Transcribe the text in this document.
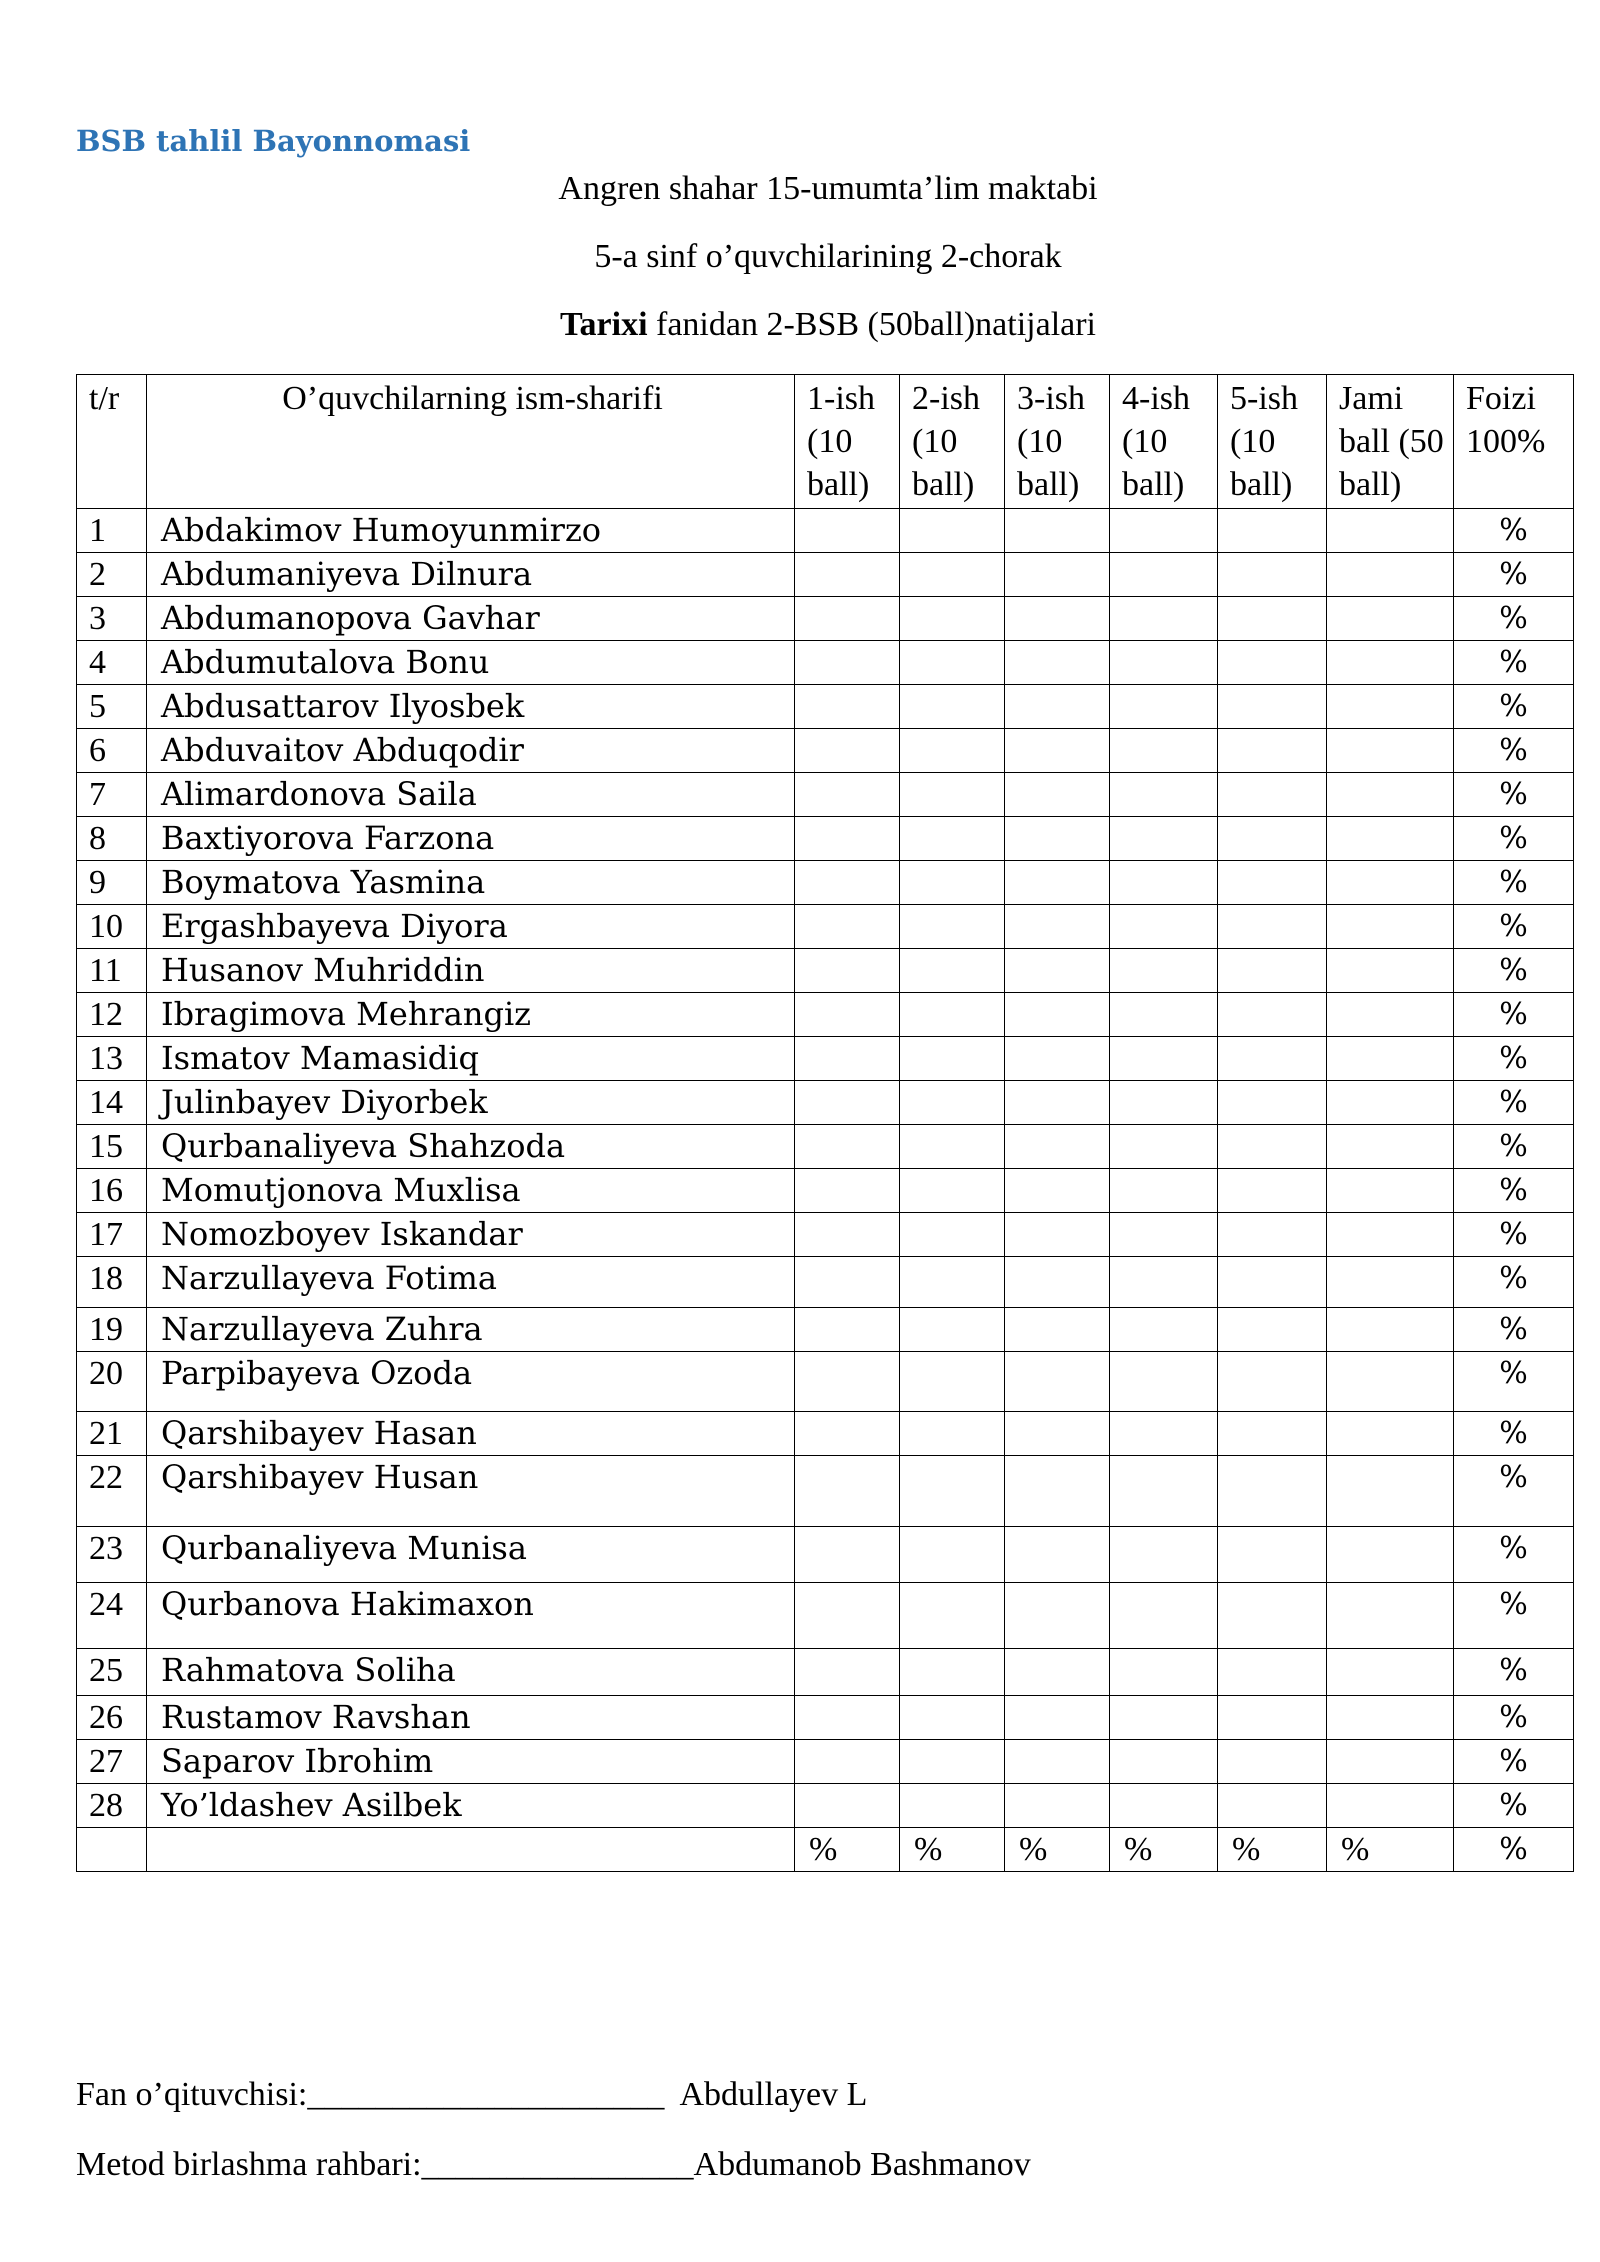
BSB tahlil Bayonnomasi
Angren shahar 15-umumta’lim maktabi
5-a sinf o’quvchilarining 2-chorak
Tarixi fanidan 2-BSB (50ball)natijalari
t/r	O’quvchilarning ism-sharifi	1-ish (10 ball)	2-ish (10 ball)	3-ish (10 ball)	4-ish (10 ball)	5-ish (10 ball)	Jami ball (50 ball)	Foizi 100%
1	Abdakimov Humoyunmirzo							%
2	Abdumaniyeva Dilnura							%
3	Abdumanopova Gavhar							%
4	Abdumutalova Bonu							%
5	Abdusattarov Ilyosbek							%
6	Abduvaitov Abduqodir							%
7	Alimardonova Saila							%
8	Baxtiyorova Farzona							%
9	Boymatova Yasmina							%
10	Ergashbayeva Diyora							%
11	Husanov Muhriddin							%
12	Ibragimova Mehrangiz							%
13	Ismatov Mamasidiq							%
14	Julinbayev Diyorbek							%
15	Qurbanaliyeva Shahzoda							%
16	Momutjonova Muxlisa							%
17	Nomozboyev Iskandar							%
18	Narzullayeva Fotima							%
19	Narzullayeva Zuhra							%
20	Parpibayeva Ozoda							%
21	Qarshibayev Hasan							%
22	Qarshibayev Husan							%
23	Qurbanaliyeva Munisa							%
24	Qurbanova Hakimaxon							%
25	Rahmatova Soliha							%
26	Rustamov Ravshan							%
27	Saparov Ibrohim							%
28	Yo’ldashev Asilbek							%
		%	%	%	%	%	%	%
Fan o’qituvchisi:_____________________  Abdullayev L
Metod birlashma rahbari:________________Abdumanob Bashmanov
